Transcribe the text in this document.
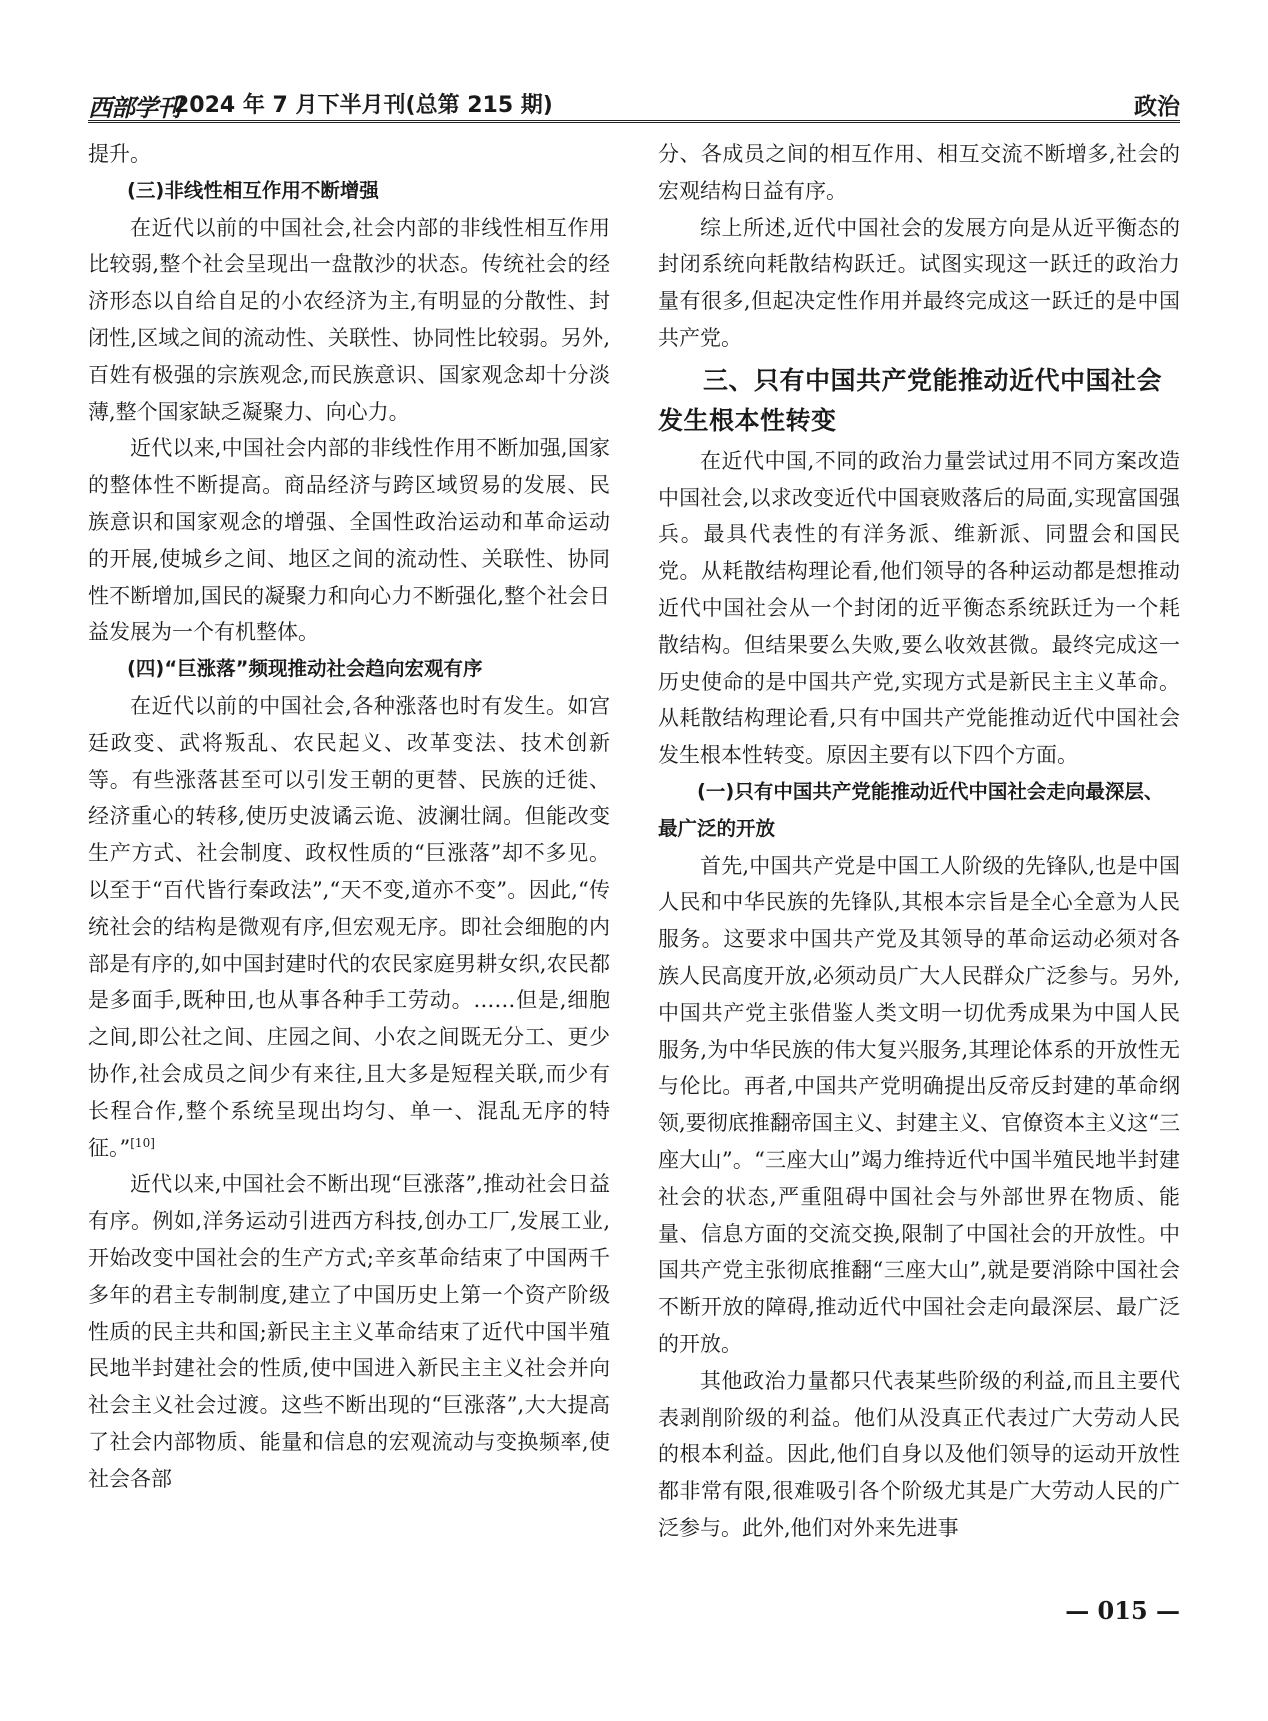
西部学刊
2024 年 7 月下半月刊(总第 215 期)	政治

提升。

(三)非线性相互作用不断增强

在近代以前的中国社会,社会内部的非线性相互作用比较弱,整个社会呈现出一盘散沙的状态。传统社会的经济形态以自给自足的小农经济为主,有明显的分散性、封闭性,区域之间的流动性、关联性、协同性比较弱。另外,百姓有极强的宗族观念,而民族意识、国家观念却十分淡薄,整个国家缺乏凝聚力、向心力。

近代以来,中国社会内部的非线性作用不断加强,国家的整体性不断提高。商品经济与跨区域贸易的发展、民族意识和国家观念的增强、全国性政治运动和革命运动的开展,使城乡之间、地区之间的流动性、关联性、协同性不断增加,国民的凝聚力和向心力不断强化,整个社会日益发展为一个有机整体。

(四)“巨涨落”频现推动社会趋向宏观有序

在近代以前的中国社会,各种涨落也时有发生。如宫廷政变、武将叛乱、农民起义、改革变法、技术创新等。有些涨落甚至可以引发王朝的更替、民族的迁徙、经济重心的转移,使历史波谲云诡、波澜壮阔。但能改变生产方式、社会制度、政权性质的“巨涨落”却不多见。以至于“百代皆行秦政法”,“天不变,道亦不变”。因此,“传统社会的结构是微观有序,但宏观无序。即社会细胞的内部是有序的,如中国封建时代的农民家庭男耕女织,农民都是多面手,既种田,也从事各种手工劳动。……但是,细胞之间,即公社之间、庄园之间、小农之间既无分工、更少协作,社会成员之间少有来往,且大多是短程关联,而少有长程合作,整个系统呈现出均匀、单一、混乱无序的特征。”[10]

近代以来,中国社会不断出现“巨涨落”,推动社会日益有序。例如,洋务运动引进西方科技,创办工厂,发展工业,开始改变中国社会的生产方式;辛亥革命结束了中国两千多年的君主专制制度,建立了中国历史上第一个资产阶级性质的民主共和国;新民主主义革命结束了近代中国半殖民地半封建社会的性质,使中国进入新民主主义社会并向社会主义社会过渡。这些不断出现的“巨涨落”,大大提高了社会内部物质、能量和信息的宏观流动与变换频率,使社会各部

分、各成员之间的相互作用、相互交流不断增多,社会的宏观结构日益有序。

综上所述,近代中国社会的发展方向是从近平衡态的封闭系统向耗散结构跃迁。试图实现这一跃迁的政治力量有很多,但起决定性作用并最终完成这一跃迁的是中国共产党。

三、只有中国共产党能推动近代中国社会发生根本性转变

在近代中国,不同的政治力量尝试过用不同方案改造中国社会,以求改变近代中国衰败落后的局面,实现富国强兵。最具代表性的有洋务派、维新派、同盟会和国民党。从耗散结构理论看,他们领导的各种运动都是想推动近代中国社会从一个封闭的近平衡态系统跃迁为一个耗散结构。但结果要么失败,要么收效甚微。最终完成这一历史使命的是中国共产党,实现方式是新民主主义革命。从耗散结构理论看,只有中国共产党能推动近代中国社会发生根本性转变。原因主要有以下四个方面。

(一)只有中国共产党能推动近代中国社会走向最深层、最广泛的开放

首先,中国共产党是中国工人阶级的先锋队,也是中国人民和中华民族的先锋队,其根本宗旨是全心全意为人民服务。这要求中国共产党及其领导的革命运动必须对各族人民高度开放,必须动员广大人民群众广泛参与。另外,中国共产党主张借鉴人类文明一切优秀成果为中国人民服务,为中华民族的伟大复兴服务,其理论体系的开放性无与伦比。再者,中国共产党明确提出反帝反封建的革命纲领,要彻底推翻帝国主义、封建主义、官僚资本主义这“三座大山”。“三座大山”竭力维持近代中国半殖民地半封建社会的状态,严重阻碍中国社会与外部世界在物质、能量、信息方面的交流交换,限制了中国社会的开放性。中国共产党主张彻底推翻“三座大山”,就是要消除中国社会不断开放的障碍,推动近代中国社会走向最深层、最广泛的开放。

其他政治力量都只代表某些阶级的利益,而且主要代表剥削阶级的利益。他们从没真正代表过广大劳动人民的根本利益。因此,他们自身以及他们领导的运动开放性都非常有限,很难吸引各个阶级尤其是广大劳动人民的广泛参与。此外,他们对外来先进事

— 015 —
